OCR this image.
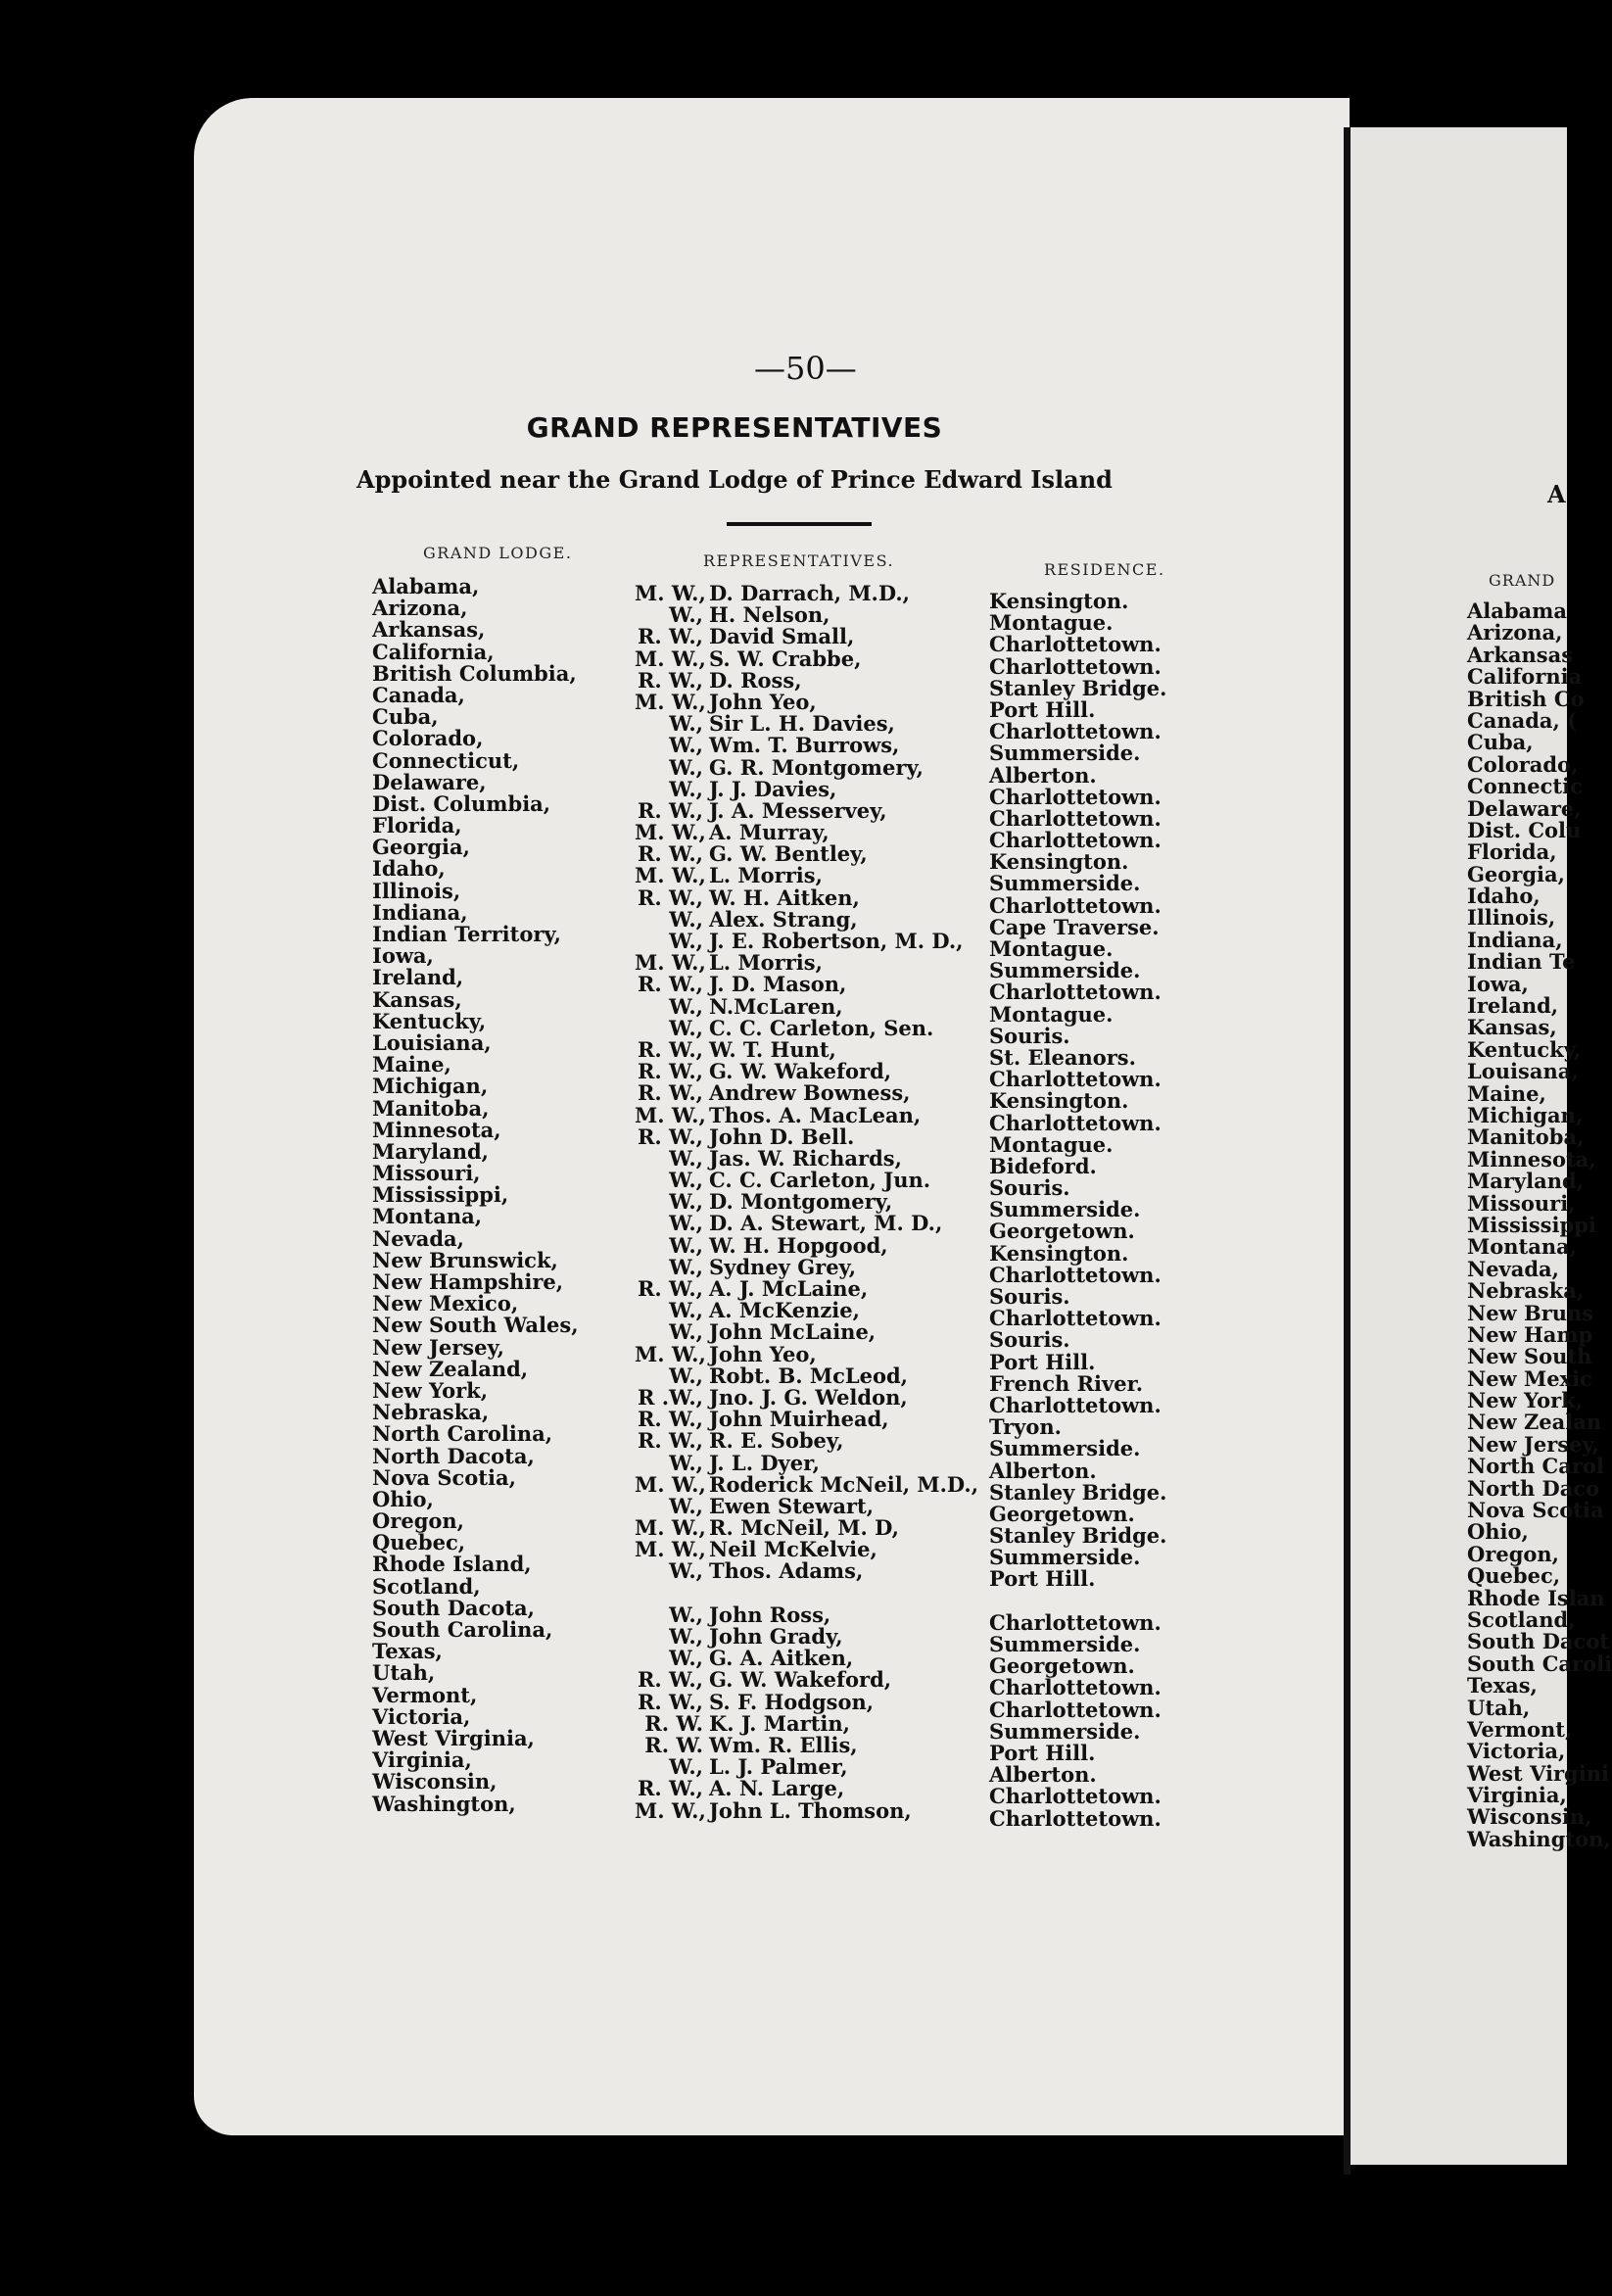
—50—
GRAND REPRESENTATIVES
Appointed near the Grand Lodge of Prince Edward Island
GRAND LODGE.	REPRESENTATIVES.	RESIDENCE.
Alabama,
Arizona,
Arkansas,
California,
British Columbia,
Canada,
Cuba,
Colorado,
Connecticut,
Delaware,
Dist. Columbia,
Florida,
Georgia,
Idaho,
Illinois,
Indiana,
Indian Territory,
Iowa,
Ireland,
Kansas,
Kentucky,
Louisiana,
Maine,
Michigan,
Manitoba,
Minnesota,
Maryland,
Missouri,
Mississippi,
Montana,
Nevada,
New Brunswick,
New Hampshire,
New Mexico,
New South Wales,
New Jersey,
New Zealand,
New York,
Nebraska,
North Carolina,
North Dacota,
Nova Scotia,
Ohio,
Oregon,
Quebec,
Rhode Island,
Scotland,
South Dacota,
South Carolina,
Texas,
Utah,
Vermont,
Victoria,
West Virginia,
Virginia,
Wisconsin,
Washington,
M. W., D. Darrach, M.D.,
W., H. Nelson,
R. W., David Small,
M. W., S. W. Crabbe,
R. W., D. Ross,
M. W., John Yeo,
W., Sir L. H. Davies,
W., Wm. T. Burrows,
W., G. R. Montgomery,
W., J. J. Davies,
R. W., J. A. Messervey,
M. W., A. Murray,
R. W., G. W. Bentley,
M. W., L. Morris,
R. W., W. H. Aitken,
W., Alex. Strang,
W., J. E. Robertson, M. D.,
M. W., L. Morris,
R. W., J. D. Mason,
W., N.McLaren,
W., C. C. Carleton, Sen.
R. W., W. T. Hunt,
R. W., G. W. Wakeford,
R. W., Andrew Bowness,
M. W., Thos. A. MacLean,
R. W., John D. Bell.
W., Jas. W. Richards,
W., C. C. Carleton, Jun.
W., D. Montgomery,
W., D. A. Stewart, M. D.,
W., W. H. Hopgood,
W., Sydney Grey,
R. W., A. J. McLaine,
W., A. McKenzie,
W., John McLaine,
M. W., John Yeo,
W., Robt. B. McLeod,
R .W., Jno. J. G. Weldon,
R. W., John Muirhead,
R. W., R. E. Sobey,
W., J. L. Dyer,
M. W., Roderick McNeil, M.D.,
W., Ewen Stewart,
M. W., R. McNeil, M. D,
M. W., Neil McKelvie,
W., Thos. Adams,
W., John Ross,
W., John Grady,
W., G. A. Aitken,
R. W., G. W. Wakeford,
R. W., S. F. Hodgson,
R. W. K. J. Martin,
R. W. Wm. R. Ellis,
W., L. J. Palmer,
R. W., A. N. Large,
M. W., John L. Thomson,
Kensington.
Montague.
Charlottetown.
Charlottetown.
Stanley Bridge.
Port Hill.
Charlottetown.
Summerside.
Alberton.
Charlottetown.
Charlottetown.
Charlottetown.
Kensington.
Summerside.
Charlottetown.
Cape Traverse.
Montague.
Summerside.
Charlottetown.
Montague.
Souris.
St. Eleanors.
Charlottetown.
Kensington.
Charlottetown.
Montague.
Bideford.
Souris.
Summerside.
Georgetown.
Kensington.
Charlottetown.
Souris.
Charlottetown.
Souris.
Port Hill.
French River.
Charlottetown.
Tryon.
Summerside.
Alberton.
Stanley Bridge.
Georgetown.
Stanley Bridge.
Summerside.
Port Hill.
Charlottetown.
Summerside.
Georgetown.
Charlottetown.
Charlottetown.
Summerside.
Port Hill.
Alberton.
Charlottetown.
Charlottetown.
A
GRAND
Alabama
Arizona,
Arkansas
California
British Co
Canada, (
Cuba,
Colorado,
Connectic
Delaware,
Dist. Colu
Florida,
Georgia,
Idaho,
Illinois,
Indiana,
Indian Te
Iowa,
Ireland,
Kansas,
Kentucky,
Louisana,
Maine,
Michigan,
Manitoba,
Minnesota,
Maryland,
Missouri,
Mississippi
Montana,
Nevada,
Nebraska,
New Bruns
New Hamp
New South
New Mexic
New York,
New Zealan
New Jersey,
North Carol
North Daco
Nova Scotia
Ohio,
Oregon,
Quebec,
Rhode Islan
Scotland,
South Dacot
South Caroli
Texas,
Utah,
Vermont,
Victoria,
West Virgini
Virginia,
Wisconsin,
Washington,
